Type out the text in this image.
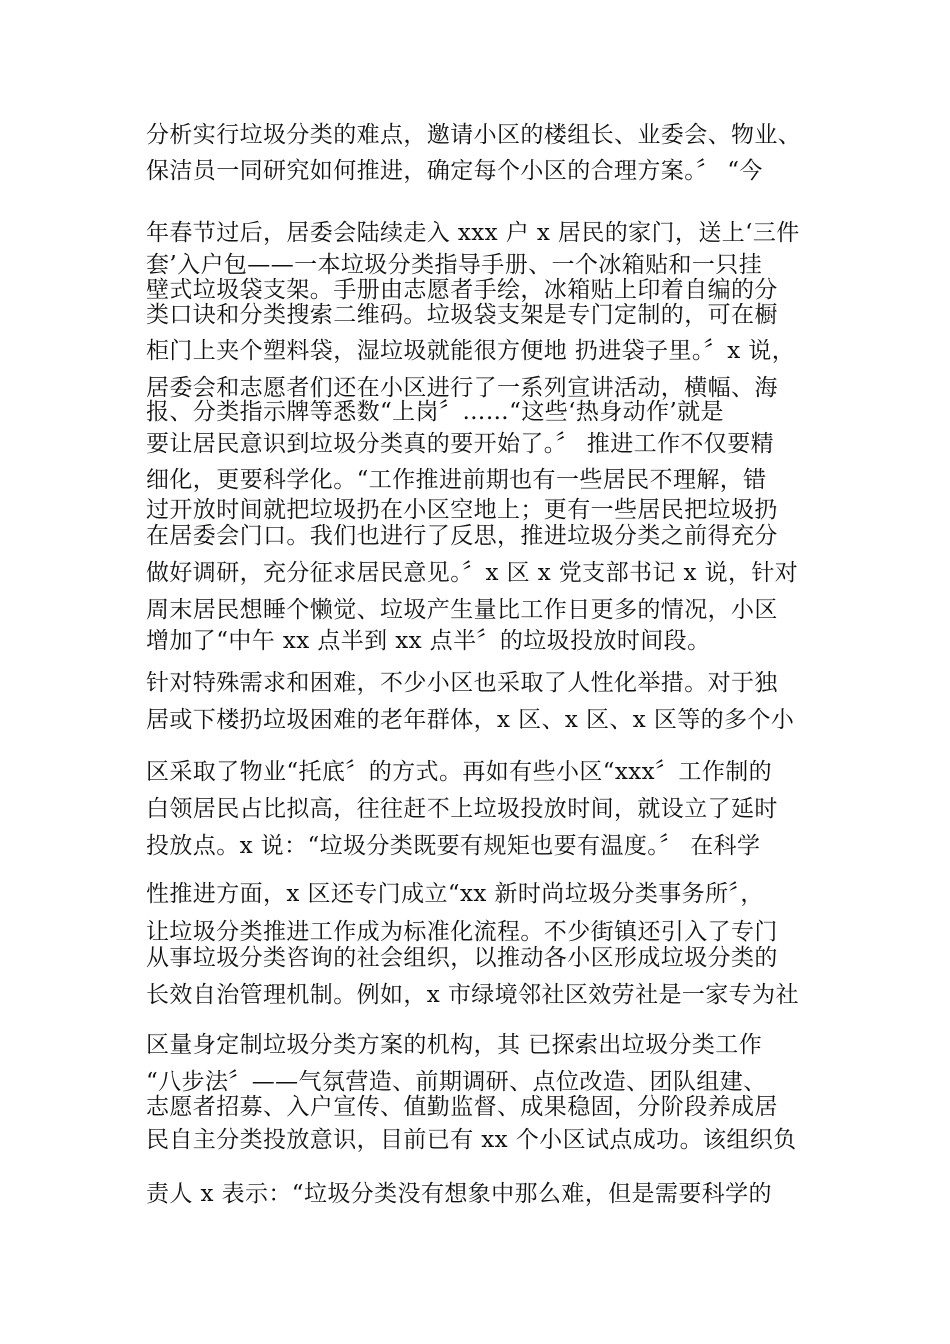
分析实行垃圾分类的难点，邀请小区的楼组长、业委会、物业、
保洁员一同研究如何推进，确定每个小区的合理方案。〞 “今
年春节过后，居委会陆续走入 xxx 户 x 居民的家门，送上‘三件
套’入户包——一本垃圾分类指导手册、一个冰箱贴和一只挂
壁式垃圾袋支架。手册由志愿者手绘，冰箱贴上印着自编的分
类口诀和分类搜索二维码。垃圾袋支架是专门定制的，可在橱
柜门上夹个塑料袋，湿垃圾就能很方便地 扔进袋子里。〞x 说，
居委会和志愿者们还在小区进行了一系列宣讲活动，横幅、海
报、分类指示牌等悉数“上岗〞……“这些‘热身动作’就是
要让居民意识到垃圾分类真的要开始了。〞 推进工作不仅要精
细化，更要科学化。“工作推进前期也有一些居民不理解，错
过开放时间就把垃圾扔在小区空地上；更有一些居民把垃圾扔
在居委会门口。我们也进行了反思，推进垃圾分类之前得充分
做好调研，充分征求居民意见。〞x 区 x 党支部书记 x 说，针对
周末居民想睡个懒觉、垃圾产生量比工作日更多的情况，小区
增加了“中午 xx 点半到 xx 点半〞的垃圾投放时间段。
针对特殊需求和困难，不少小区也采取了人性化举措。对于独
居或下楼扔垃圾困难的老年群体，x 区、x 区、x 区等的多个小
区采取了物业“托底〞的方式。再如有些小区“xxx〞工作制的
白领居民占比拟高，往往赶不上垃圾投放时间，就设立了延时
投放点。x 说：“垃圾分类既要有规矩也要有温度。〞 在科学
性推进方面，x 区还专门成立“xx 新时尚垃圾分类事务所〞，
让垃圾分类推进工作成为标准化流程。不少街镇还引入了专门
从事垃圾分类咨询的社会组织，以推动各小区形成垃圾分类的
长效自治管理机制。例如，x 市绿境邻社区效劳社是一家专为社
区量身定制垃圾分类方案的机构，其 已探索出垃圾分类工作
“八步法〞——气氛营造、前期调研、点位改造、团队组建、
志愿者招募、入户宣传、值勤监督、成果稳固，分阶段养成居
民自主分类投放意识，目前已有 xx 个小区试点成功。该组织负
责人 x 表示：“垃圾分类没有想象中那么难，但是需要科学的
